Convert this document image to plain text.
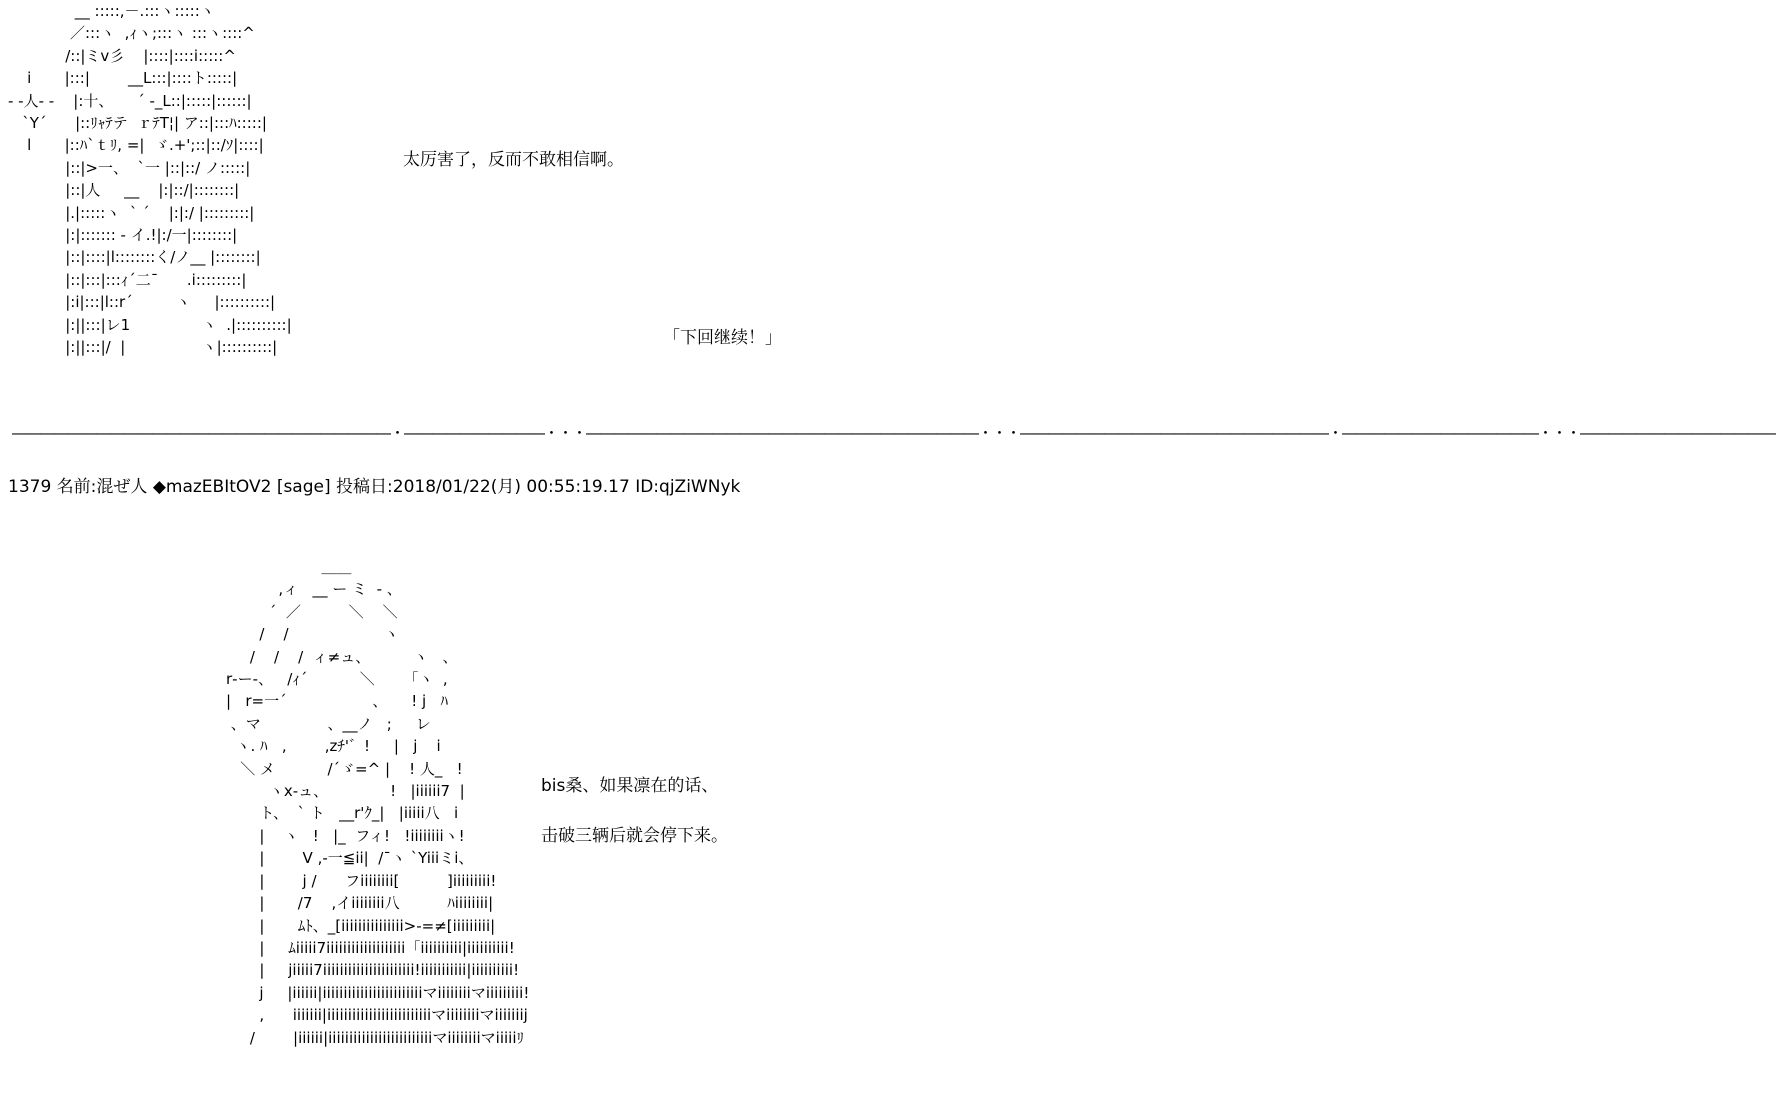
__ :::::,－.:::ヽ:::::ヽ
／:::ヽ  ,ｨヽ;:::ヽ :::ヽ::::^
/::|ミv彡    |::::|::::i:::::^
i       |:::|        __L:::|::::ト:::::|
- -人- -    |:十、     ´ ‐_L::|:::::|::::::|
`Y´      |::ﾘｬﾃテ  ｒﾃT¦| ア::|:::ﾊ:::::|
l       |::ﾊ`ｔﾘ, =|  ゞ.+';::|::/ｿ|::::|
|::|>一、  `一 |::|::/ ノ:::::|
|::|人     __    |:|::/|::::::::|
|.|:::::ヽ  ` ´    |:|:/ |:::::::::|
|:|::::::: ‐ イ.!|:/一|::::::::|
|::|::::|l::::::::く/ノ__ |::::::::|
|::|:::|:::ｨ´二¯      .i:::::::::|
|:i|:::|l::r´         ヽ     |::::::::::|
|:||:::|レ1               ヽ  .|::::::::::|
|:||:::|/  |                ヽ|::::::::::|
太厉害了，反而不敢相信啊。
「下回继续！」
―――――――――――――――――――――――――――・――――――――――・・・――――――――――――――――――――――――――――・・・――――――――――――――――――――――・――――――――――――――・・・――――――――――――――
1379 名前:混ぜ人 ◆mazEBItOV2 [sage] 投稿日:2018/01/22(月) 00:55:19.17 ID:qjZiWNyk
＿＿
,ィ   __ ー ミ  ‐ 、
´  ／          ＼    ＼
/    /                    ヽ
/    /    /  ィ≠ュ、         ヽ   、
r‐ー-、   /ｨ´           ＼      「ヽ  ,
|   r=一´                  、     ! j   ﾊ
、マ              、__ノ   ;     レ
ヽ. ﾊ   ,        ,zﾁ'゛!     |   j    i
＼ メ           /´ゞ=^ |    ! 人_   !
ヽx-ュ、             !   |iiiiii7  |
ト、  ` ト   __r'ｸ_|   |iiiii八   i
|    ヽ   !   |_  フィ!   !iiiiiiiiヽ!
|        V ,‐一≦ii|  /¯ヽ `Yiiiミi、
|        j /      フiiiiiiii[          ]iiiiiiiii!
|       /7    ,イiiiiiiii八          ﾊiiiiiiii|
|       ﾑﾄ、_[iiiiiiiiiiiiiii>‐=≠[iiiiiiiii|
|     ﾑiiiii7iiiiiiiiiiiiiiiiiii「iiiiiiiiii|iiiiiiiiii!
|     jiiiii7iiiiiiiiiiiiiiiiiiiiii!iiiiiiiiiii|iiiiiiiiii!
j     |iiiiii|iiiiiiiiiiiiiiiiiiiiiiiiマiiiiiiiiマiiiiiiiii!
,      iiiiiii|iiiiiiiiiiiiiiiiiiiiiiiiiマiiiiiiiiマiiiiiiij
/        |iiiiii|iiiiiiiiiiiiiiiiiiiiiiiiiマiiiiiiiiマiiiiiﾘ
bis桑、如果凛在的话、
击破三辆后就会停下来。
